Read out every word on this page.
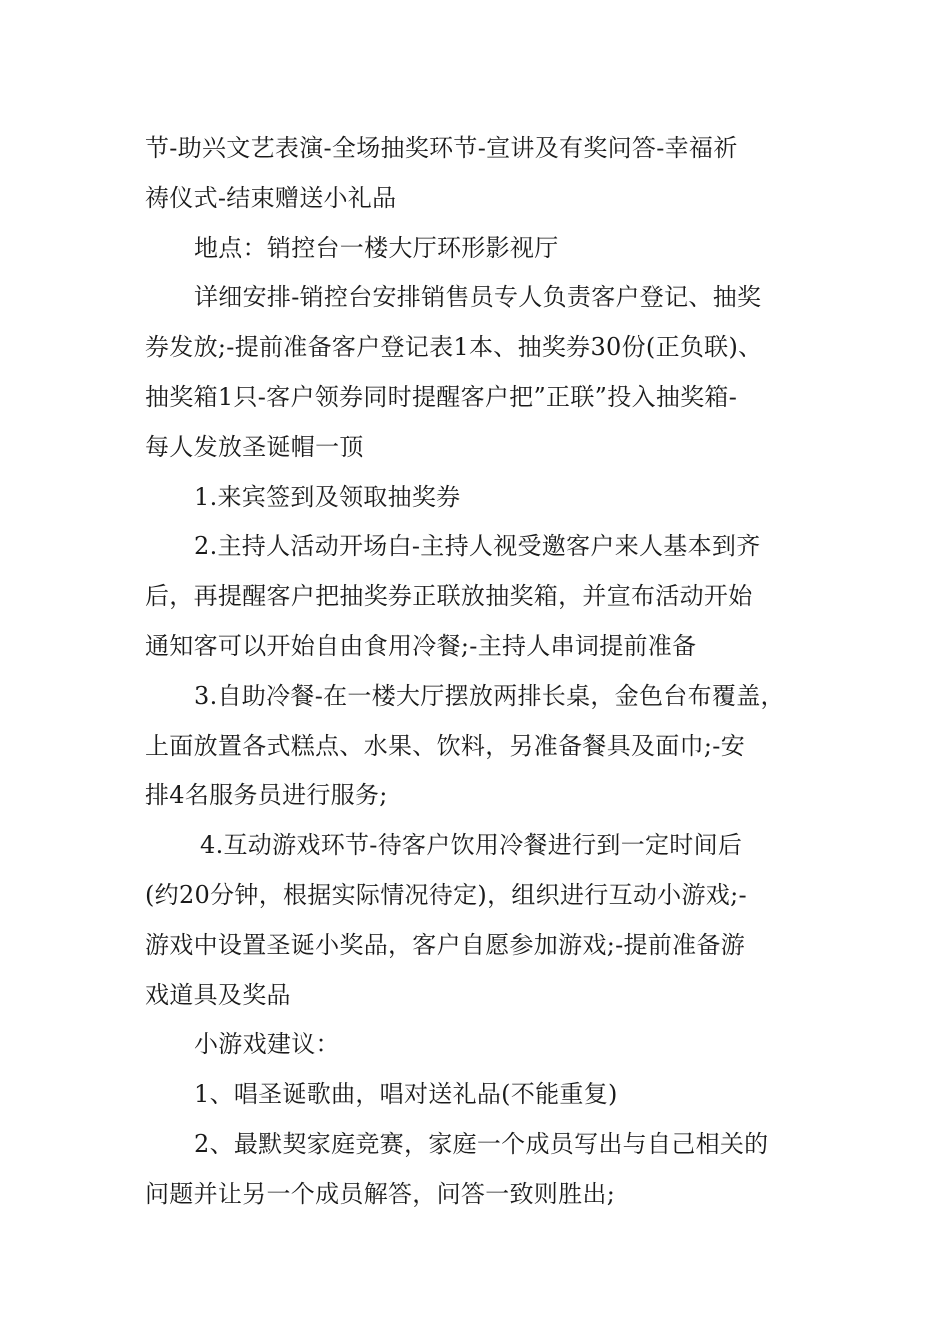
节-助兴文艺表演-全场抽奖环节-宣讲及有奖问答-幸福祈
祷仪式-结束赠送小礼品
地点：销控台一楼大厅环形影视厅
详细安排-销控台安排销售员专人负责客户登记、抽奖
券发放;-提前准备客户登记表1本、抽奖券30份(正负联)、
抽奖箱1只-客户领券同时提醒客户把”正联”投入抽奖箱-
每人发放圣诞帽一顶
1.来宾签到及领取抽奖券
2.主持人活动开场白-主持人视受邀客户来人基本到齐
后，再提醒客户把抽奖券正联放抽奖箱，并宣布活动开始
通知客可以开始自由食用冷餐;-主持人串词提前准备
3.自助冷餐-在一楼大厅摆放两排长桌，金色台布覆盖，
上面放置各式糕点、水果、饮料，另准备餐具及面巾;-安
排4名服务员进行服务;
4.互动游戏环节-待客户饮用冷餐进行到一定时间后
(约20分钟，根据实际情况待定)，组织进行互动小游戏;-
游戏中设置圣诞小奖品，客户自愿参加游戏;-提前准备游
戏道具及奖品
小游戏建议：
1、唱圣诞歌曲，唱对送礼品(不能重复)
2、最默契家庭竞赛，家庭一个成员写出与自己相关的
问题并让另一个成员解答，问答一致则胜出;
